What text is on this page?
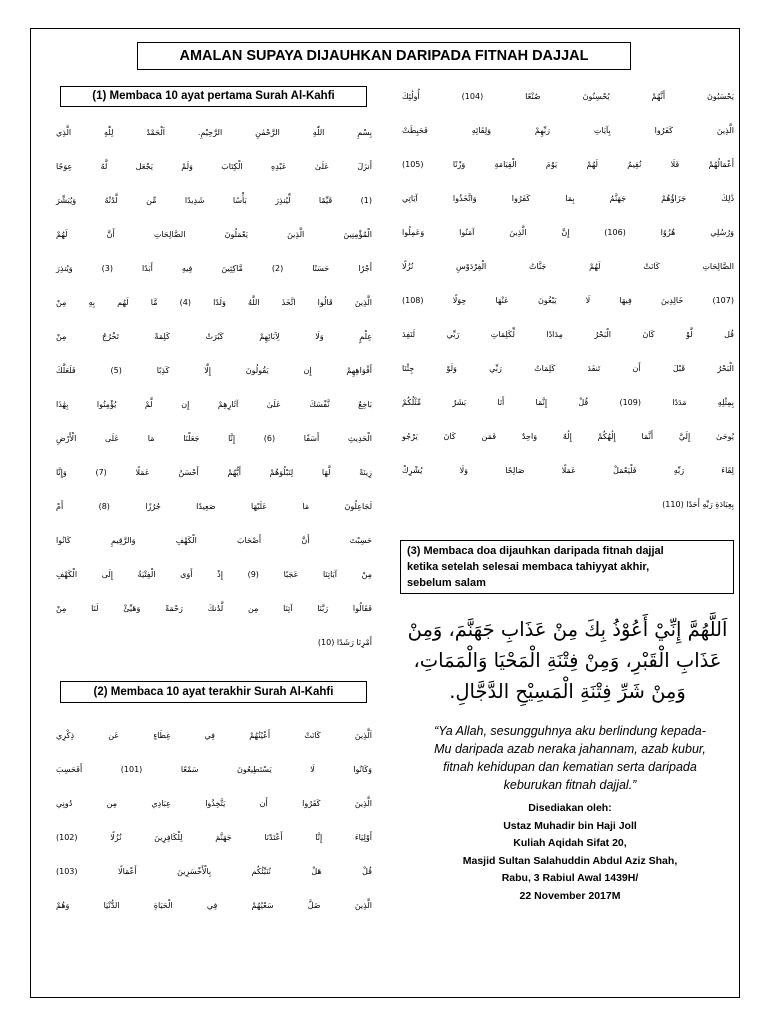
AMALAN SUPAYA DIJAUHKAN DARIPADA FITNAH DAJJAL
(1) Membaca 10 ayat pertama Surah Al-Kahfi
بِسْمِ اللّٰهِ الرَّحْمٰنِ الرَّحِيْمِ. اَلْحَمْدُ لِلّٰهِ الَّذِي
أَنزَلَ عَلَىٰ عَبْدِهِ الْكِتَابَ وَلَمْ يَجْعَل لَّهُ عِوَجًا
(1) قَيِّمًا لِّيُنذِرَ بَأْسًا شَدِيدًا مِّن لَّدُنْهُ وَيُبَشِّرَ
الْمُؤْمِنِينَ الَّذِينَ يَعْمَلُونَ الصَّالِحَاتِ أَنَّ لَهُمْ
أَجْرًا حَسَنًا (2) مَّاكِثِينَ فِيهِ أَبَدًا (3) وَيُنذِرَ
الَّذِينَ قَالُوا اتَّخَذَ اللَّهُ وَلَدًا (4) مَّا لَهُم بِهِ مِنْ
عِلْمٍ وَلَا لِآبَائِهِمْ كَبُرَتْ كَلِمَةً تَخْرُجُ مِنْ
أَفْوَاهِهِمْ إِن يَقُولُونَ إِلَّا كَذِبًا (5) فَلَعَلَّكَ
بَاخِعٌ نَّفْسَكَ عَلَىٰ آثَارِهِمْ إِن لَّمْ يُؤْمِنُوا بِهَٰذَا
الْحَدِيثِ أَسَفًا (6) إِنَّا جَعَلْنَا مَا عَلَى الْأَرْضِ
زِينَةً لَّهَا لِنَبْلُوَهُمْ أَيُّهُمْ أَحْسَنُ عَمَلًا (7) وَإِنَّا
لَجَاعِلُونَ مَا عَلَيْهَا صَعِيدًا جُرُزًا (8) أَمْ
حَسِبْتَ أَنَّ أَصْحَابَ الْكَهْفِ وَالرَّقِيمِ كَانُوا
مِنْ آيَاتِنَا عَجَبًا (9) إِذْ أَوَى الْفِتْيَةُ إِلَى الْكَهْفِ
فَقَالُوا رَبَّنَا آتِنَا مِن لَّدُنكَ رَحْمَةً وَهَيِّئْ لَنَا مِنْ
أَمْرِنَا رَشَدًا (10)
(2) Membaca 10 ayat terakhir Surah Al-Kahfi
اَلَّذِينَ كَانَتْ أَعْيُنُهُمْ فِي غِطَاءٍ عَن ذِكْرِي
وَكَانُوا لَا يَسْتَطِيعُونَ سَمْعًا (101) أَفَحَسِبَ
الَّذِينَ كَفَرُوا أَن يَتَّخِذُوا عِبَادِي مِن دُونِي
أَوْلِيَاءَ إِنَّا أَعْتَدْنَا جَهَنَّمَ لِلْكَافِرِينَ نُزُلًا (102)
قُلْ هَلْ نُنَبِّئُكُم بِالْأَخْسَرِينَ أَعْمَالًا (103)
الَّذِينَ ضَلَّ سَعْيُهُمْ فِي الْحَيَاةِ الدُّنْيَا وَهُمْ
يَحْسَبُونَ أَنَّهُمْ يُحْسِنُونَ صُنْعًا (104) أُولَٰئِكَ
الَّذِينَ كَفَرُوا بِآيَاتِ رَبِّهِمْ وَلِقَائِهِ فَحَبِطَتْ
أَعْمَالُهُمْ فَلَا نُقِيمُ لَهُمْ يَوْمَ الْقِيَامَةِ وَزْنًا (105)
ذَٰلِكَ جَزَاؤُهُمْ جَهَنَّمُ بِمَا كَفَرُوا وَاتَّخَذُوا آيَاتِي
وَرُسُلِي هُزُوًا (106) إِنَّ الَّذِينَ آمَنُوا وَعَمِلُوا
الصَّالِحَاتِ كَانَتْ لَهُمْ جَنَّاتُ الْفِرْدَوْسِ نُزُلًا
(107) خَالِدِينَ فِيهَا لَا يَبْغُونَ عَنْهَا حِوَلًا (108)
قُل لَّوْ كَانَ الْبَحْرُ مِدَادًا لِّكَلِمَاتِ رَبِّي لَنَفِدَ
الْبَحْرُ قَبْلَ أَن تَنفَدَ كَلِمَاتُ رَبِّي وَلَوْ جِئْنَا
بِمِثْلِهِ مَدَدًا (109) قُلْ إِنَّمَا أَنَا بَشَرٌ مِّثْلُكُمْ
يُوحَىٰ إِلَيَّ أَنَّمَا إِلَٰهُكُمْ إِلَٰهٌ وَاحِدٌ فَمَن كَانَ يَرْجُو
لِقَاءَ رَبِّهِ فَلْيَعْمَلْ عَمَلًا صَالِحًا وَلَا يُشْرِكْ
بِعِبَادَةِ رَبِّهِ أَحَدًا (110)
(3) Membaca doa dijauhkan daripada fitnah dajjal
ketika setelah selesai membaca tahiyyat akhir,
sebelum salam
اَللَّهُمَّ إِنِّيْ أَعُوْذُ بِكَ مِنْ عَذَابِ جَهَنَّمَ، وَمِنْ
عَذَابِ الْقَبْرِ، وَمِنْ فِتْنَةِ الْمَحْيَا وَالْمَمَاتِ،
وَمِنْ شَرِّ فِتْنَةِ الْمَسِيْحِ الدَّجَّالِ.
“Ya Allah, sesungguhnya aku berlindung kepada-
Mu daripada azab neraka jahannam, azab kubur,
fitnah kehidupan dan kematian serta daripada
keburukan fitnah dajjal.”
Disediakan oleh:
Ustaz Muhadir bin Haji Joll
Kuliah Aqidah Sifat 20,
Masjid Sultan Salahuddin Abdul Aziz Shah,
Rabu, 3 Rabiul Awal 1439H/
22 November 2017M
